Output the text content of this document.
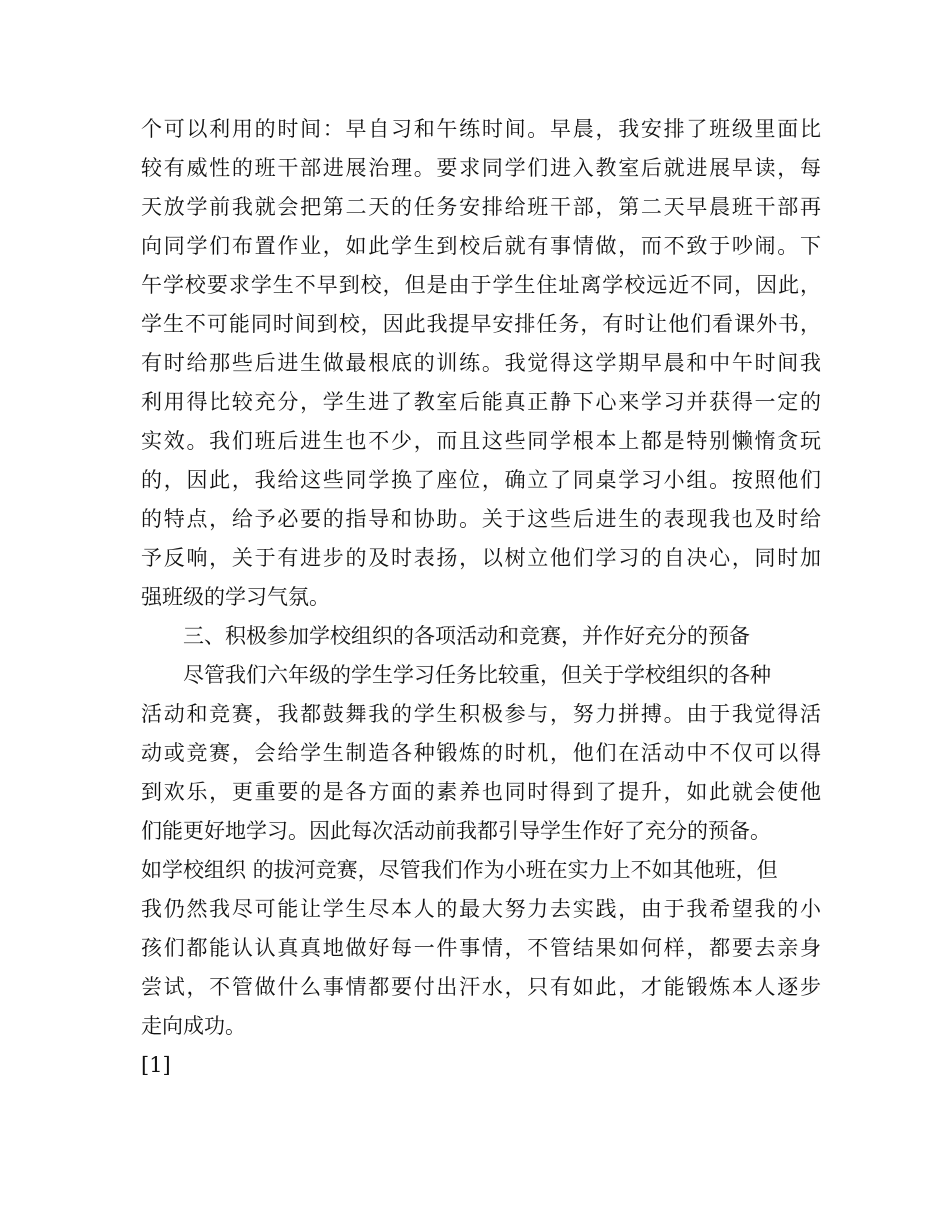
个可以利用的时间：早自习和午练时间。早晨，我安排了班级里面比
较有威性的班干部进展治理。要求同学们进入教室后就进展早读，每
天放学前我就会把第二天的任务安排给班干部，第二天早晨班干部再
向同学们布置作业，如此学生到校后就有事情做，而不致于吵闹。下
午学校要求学生不早到校，但是由于学生住址离学校远近不同，因此，
学生不可能同时间到校，因此我提早安排任务，有时让他们看课外书，
有时给那些后进生做最根底的训练。我觉得这学期早晨和中午时间我
利用得比较充分，学生进了教室后能真正静下心来学习并获得一定的
实效。我们班后进生也不少，而且这些同学根本上都是特别懒惰贪玩
的，因此，我给这些同学换了座位，确立了同桌学习小组。按照他们
的特点，给予必要的指导和协助。关于这些后进生的表现我也及时给
予反响，关于有进步的及时表扬，以树立他们学习的自决心，同时加
强班级的学习气氛。
三、积极参加学校组织的各项活动和竞赛，并作好充分的预备
尽管我们六年级的学生学习任务比较重，但关于学校组织的各种
活动和竞赛，我都鼓舞我的学生积极参与，努力拼搏。由于我觉得活
动或竞赛，会给学生制造各种锻炼的时机，他们在活动中不仅可以得
到欢乐，更重要的是各方面的素养也同时得到了提升，如此就会使他
们能更好地学习。因此每次活动前我都引导学生作好了充分的预备。
如学校组织 的拔河竞赛，尽管我们作为小班在实力上不如其他班，但
我仍然我尽可能让学生尽本人的最大努力去实践，由于我希望我的小
孩们都能认认真真地做好每一件事情，不管结果如何样，都要去亲身
尝试，不管做什么事情都要付出汗水，只有如此，才能锻炼本人逐步
走向成功。
[1]
